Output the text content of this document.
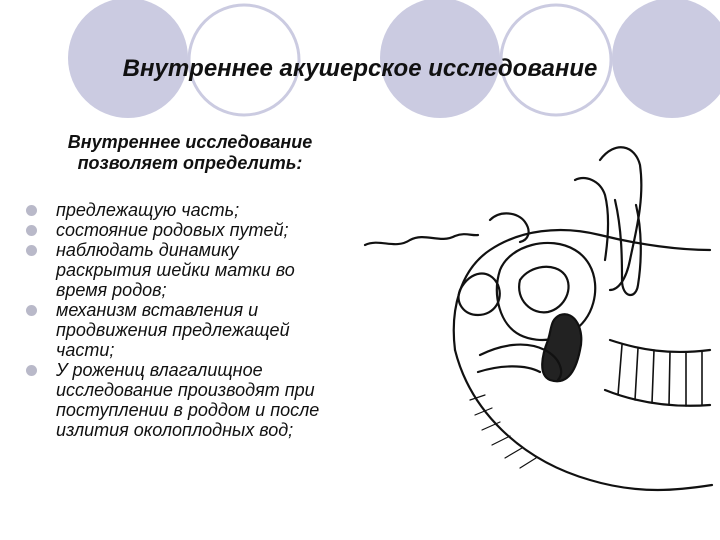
Внутреннее акушерское исследование
Внутреннее исследование
позволяет определить:
предлежащую часть;
состояние родовых путей;
наблюдать динамику
раскрытия шейки матки во
время родов;
механизм вставления и
продвижения предлежащей
части;
У рожениц влагалищное
исследование производят при
поступлении в роддом и после
излития околоплодных вод;
